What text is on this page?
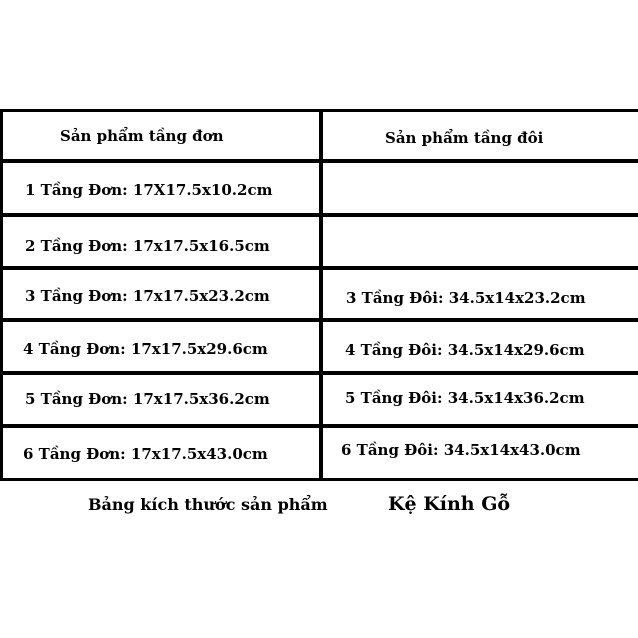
Sản phẩm tầng đơn	Sản phẩm tầng đôi
1 Tầng Đơn: 17X17.5x10.2cm
2 Tầng Đơn: 17x17.5x16.5cm
3 Tầng Đơn: 17x17.5x23.2cm
4 Tầng Đơn: 17x17.5x29.6cm
5 Tầng Đơn: 17x17.5x36.2cm
6 Tầng Đơn: 17x17.5x43.0cm
3 Tầng Đôi: 34.5x14x23.2cm
4 Tầng Đôi: 34.5x14x29.6cm
5 Tầng Đôi: 34.5x14x36.2cm
6 Tầng Đôi: 34.5x14x43.0cm
Bảng kích thước sản phẩm	Kệ Kính Gỗ
